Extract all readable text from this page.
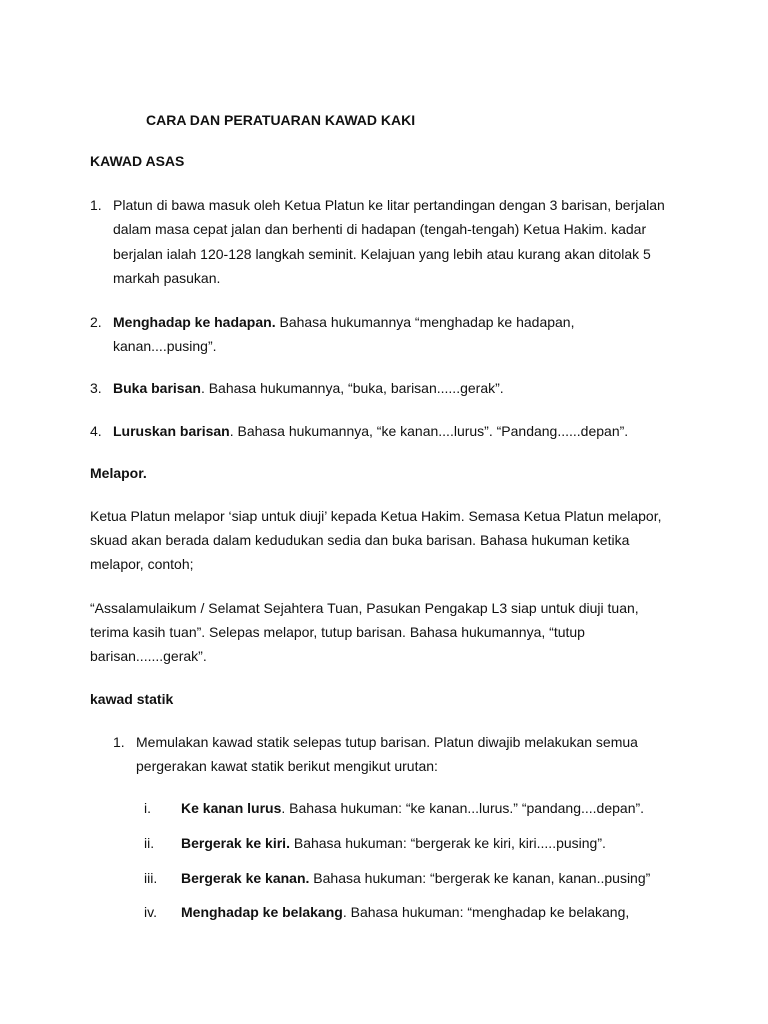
CARA DAN PERATUARAN KAWAD KAKI
KAWAD ASAS
1. Platun di bawa masuk oleh Ketua Platun ke litar pertandingan dengan 3 barisan, berjalan
dalam masa cepat jalan dan berhenti di hadapan (tengah-tengah) Ketua Hakim. kadar
berjalan ialah 120-128 langkah seminit. Kelajuan yang lebih atau kurang akan ditolak 5
markah pasukan.
2. Menghadap ke hadapan. Bahasa hukumannya “menghadap ke hadapan,
kanan....pusing”.
3. Buka barisan. Bahasa hukumannya, “buka, barisan......gerak”.
4. Luruskan barisan. Bahasa hukumannya, “ke kanan....lurus”. “Pandang......depan”.
Melapor.
Ketua Platun melapor ‘siap untuk diuji’ kepada Ketua Hakim. Semasa Ketua Platun melapor,
skuad akan berada dalam kedudukan sedia dan buka barisan. Bahasa hukuman ketika
melapor, contoh;
“Assalamulaikum / Selamat Sejahtera Tuan, Pasukan Pengakap L3 siap untuk diuji tuan,
terima kasih tuan”. Selepas melapor, tutup barisan. Bahasa hukumannya, “tutup
barisan.......gerak”.
kawad statik
1. Memulakan kawad statik selepas tutup barisan. Platun diwajib melakukan semua
pergerakan kawat statik berikut mengikut urutan:
i. Ke kanan lurus. Bahasa hukuman: “ke kanan...lurus.” “pandang....depan”.
ii. Bergerak ke kiri. Bahasa hukuman: “bergerak ke kiri, kiri.....pusing”.
iii. Bergerak ke kanan. Bahasa hukuman: “bergerak ke kanan, kanan..pusing”
iv. Menghadap ke belakang. Bahasa hukuman: “menghadap ke belakang,
